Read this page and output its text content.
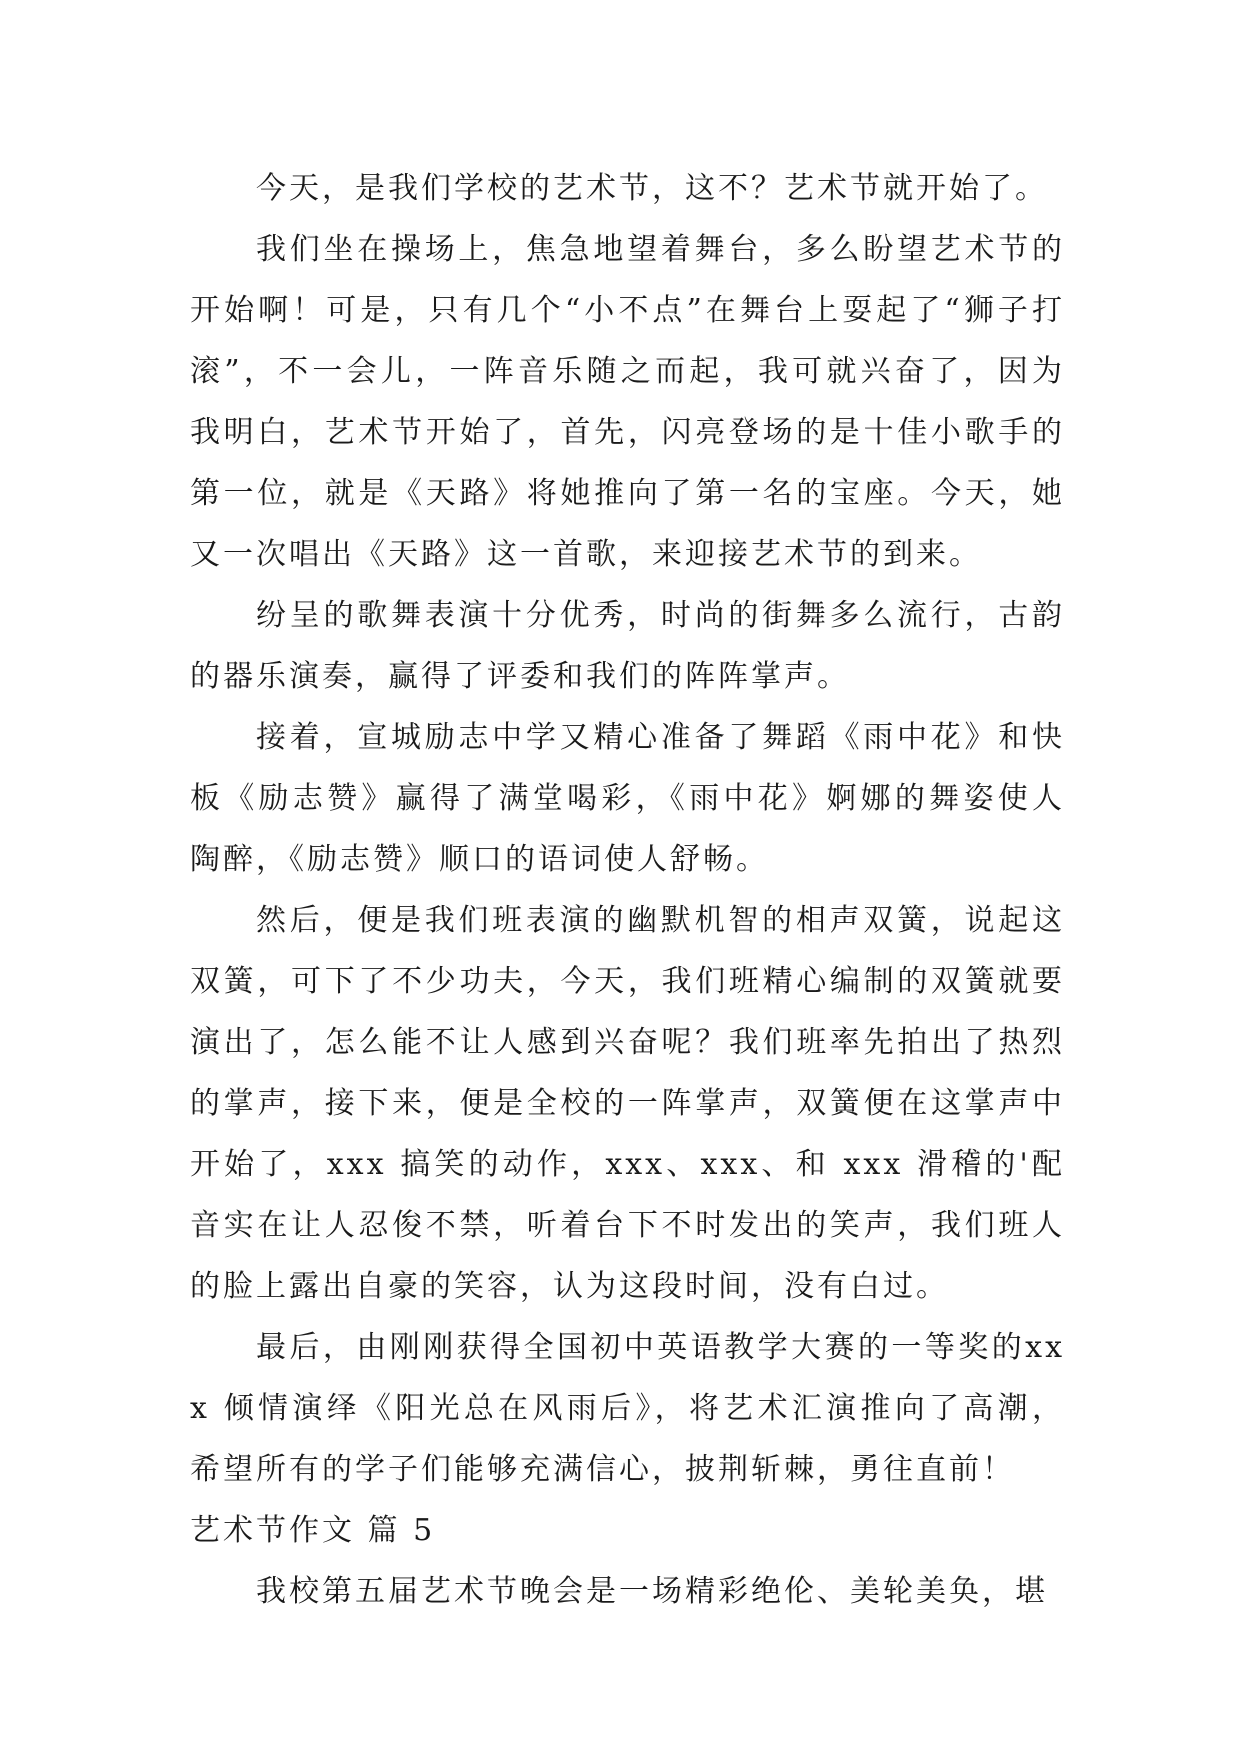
今天，是我们学校的艺术节，这不？艺术节就开始了。

我们坐在操场上，焦急地望着舞台，多么盼望艺术节的开始啊！可是，只有几个“小不点”在舞台上耍起了“狮子打滚”，不一会儿，一阵音乐随之而起，我可就兴奋了，因为我明白，艺术节开始了，首先，闪亮登场的是十佳小歌手的第一位，就是《天路》将她推向了第一名的宝座。今天，她又一次唱出《天路》这一首歌，来迎接艺术节的到来。

纷呈的歌舞表演十分优秀，时尚的街舞多么流行，古韵的器乐演奏，赢得了评委和我们的阵阵掌声。

接着，宣城励志中学又精心准备了舞蹈《雨中花》和快板《励志赞》赢得了满堂喝彩，《雨中花》婀娜的舞姿使人陶醉，《励志赞》顺口的语词使人舒畅。

然后，便是我们班表演的幽默机智的相声双簧，说起这双簧，可下了不少功夫，今天，我们班精心编制的双簧就要演出了，怎么能不让人感到兴奋呢？我们班率先拍出了热烈的掌声，接下来，便是全校的一阵掌声，双簧便在这掌声中开始了，xxx 搞笑的动作，xxx、xxx、和 xxx 滑稽的'配音实在让人忍俊不禁，听着台下不时发出的笑声，我们班人的脸上露出自豪的笑容，认为这段时间，没有白过。

最后，由刚刚获得全国初中英语教学大赛的一等奖的xxx 倾情演绎《阳光总在风雨后》，将艺术汇演推向了高潮，希望所有的学子们能够充满信心，披荆斩棘，勇往直前！

艺术节作文 篇 5

我校第五届艺术节晚会是一场精彩绝伦、美轮美奂，堪
